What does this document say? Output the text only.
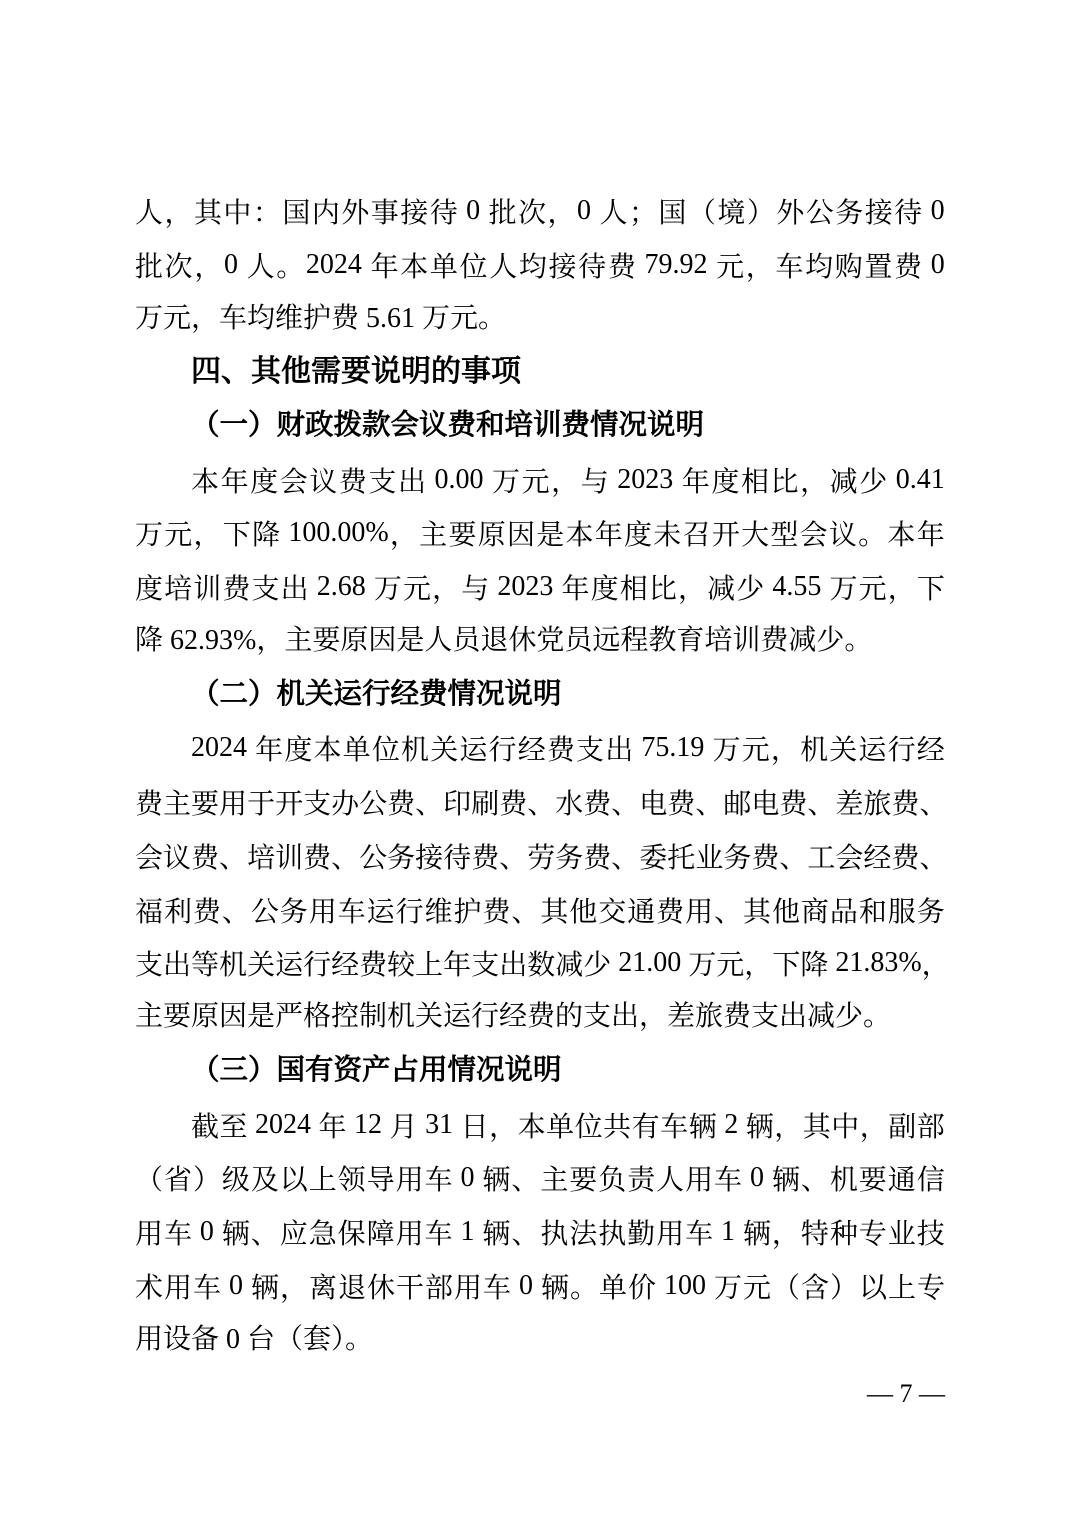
人 ， 其 中 ： 国 内 外 事 接 待 0 批 次 ， 0 人 ； 国 （ 境 ） 外 公 务 接 待 0
批 次 ， 0 人 。 2024 年 本 单 位 人 均 接 待 费 79.92 元 ， 车 均 购 置 费 0
万元，车均维护费 5.61 万元。
四、其他需要说明的事项
（一）财政拨款会议费和培训费情况说明
本 年 度 会 议 费 支 出 0.00 万 元 ， 与 2023 年 度 相 比 ， 减 少 0.41
万 元 ， 下 降 100.00% ， 主 要 原 因 是 本 年 度 未 召 开 大 型 会 议 。 本 年
度 培 训 费 支 出 2.68 万 元 ， 与 2023 年 度 相 比 ， 减 少 4.55 万 元 ， 下
降 62.93%，主要原因是人员退休党员远程教育培训费减少。
（二）机关运行经费情况说明
2024 年 度 本 单 位 机 关 运 行 经 费 支 出 75.19 万 元 ， 机 关 运 行 经
费 主 要 用 于 开 支 办 公 费 、 印 刷 费 、 水 费 、 电 费 、 邮 电 费 、 差 旅 费 、
会 议 费 、 培 训 费 、 公 务 接 待 费 、 劳 务 费 、 委 托 业 务 费 、 工 会 经 费 、
福 利 费 、 公 务 用 车 运 行 维 护 费 、 其 他 交 通 费 用 、 其 他 商 品 和 服 务
支 出 等 机 关 运 行 经 费 较 上 年 支 出 数 减 少 21.00 万 元 ， 下 降 21.83% ，
主要原因是严格控制机关运行经费的支出，差旅费支出减少。
（三）国有资产占用情况说明
截 至 2024 年 12 月 31 日 ， 本 单 位 共 有 车 辆 2 辆 ， 其 中 ， 副 部
（ 省 ） 级 及 以 上 领 导 用 车 0 辆 、 主 要 负 责 人 用 车 0 辆 、 机 要 通 信
用 车 0 辆 、 应 急 保 障 用 车 1 辆 、 执 法 执 勤 用 车 1 辆 ， 特 种 专 业 技
术 用 车 0 辆 ， 离 退 休 干 部 用 车 0 辆 。 单 价 100 万 元 （ 含 ） 以 上 专
用设备 0 台（套）。
— 7 —
